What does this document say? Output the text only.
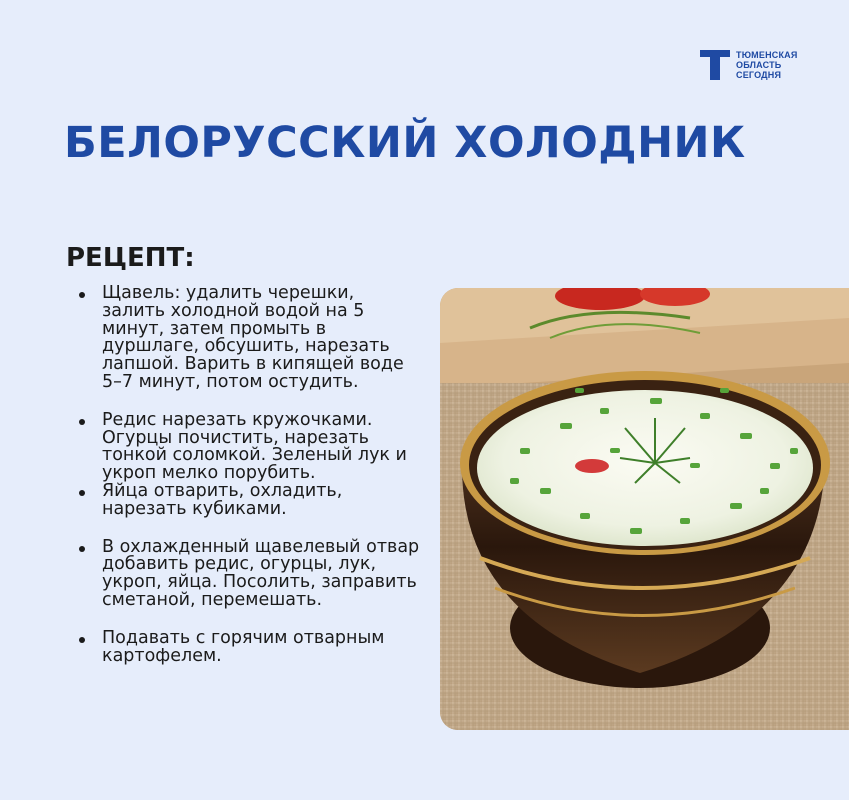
ТЮМЕНСКАЯ
ОБЛАСТЬ
СЕГОДНЯ
БЕЛОРУССКИЙ ХОЛОДНИК
РЕЦЕПТ:
Щавель: удалить черешки, залить холодной водой на 5 минут, затем промыть в дуршлаге, обсушить, нарезать лапшой. Варить в кипящей воде 5–7 минут, потом остудить.
Редис нарезать кружочками. Огурцы почистить, нарезать тонкой соломкой. Зеленый лук и укроп мелко порубить.
Яйца отварить, охладить, нарезать кубиками.
В охлажденный щавелевый отвар добавить редис, огурцы, лук, укроп, яйца. Посолить, заправить сметаной, перемешать.
Подавать с горячим отварным картофелем.
